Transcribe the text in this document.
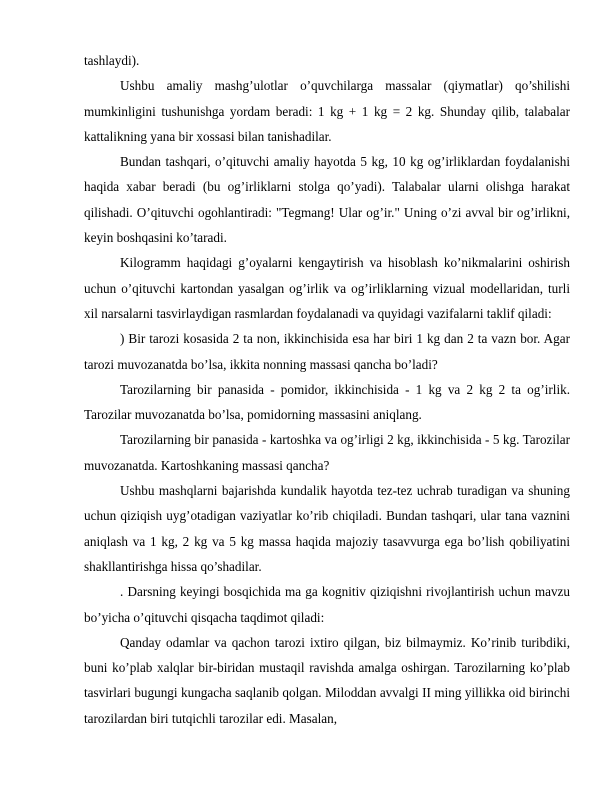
tashlaydi).

Ushbu amaliy mashg’ulotlar o’quvchilarga massalar (qiymatlar) qo’shilishi mumkinligini tushunishga yordam beradi: 1 kg + 1 kg = 2 kg. Shunday qilib, talabalar kattalikning yana bir xossasi bilan tanishadilar.

Bundan tashqari, o’qituvchi amaliy hayotda 5 kg, 10 kg og’irliklardan foydalanishi haqida xabar beradi (bu og’irliklarni stolga qo’yadi). Talabalar ularni olishga harakat qilishadi. O’qituvchi ogohlantiradi: "Tegmang! Ular og’ir." Uning o’zi avval bir og’irlikni, keyin boshqasini ko’taradi.

Kilogramm haqidagi g’oyalarni kengaytirish va hisoblash ko’nikmalarini oshirish uchun o’qituvchi kartondan yasalgan og’irlik va og’irliklarning vizual modellaridan, turli xil narsalarni tasvirlaydigan rasmlardan foydalanadi va quyidagi vazifalarni taklif qiladi:

) Bir tarozi kosasida 2 ta non, ikkinchisida esa har biri 1 kg dan 2 ta vazn bor. Agar tarozi muvozanatda bo’lsa, ikkita nonning massasi qancha bo’ladi?

Tarozilarning bir panasida - pomidor, ikkinchisida - 1 kg va 2 kg 2 ta og’irlik. Tarozilar muvozanatda bo’lsa, pomidorning massasini aniqlang.

Tarozilarning bir panasida - kartoshka va og’irligi 2 kg, ikkinchisida - 5 kg. Tarozilar muvozanatda. Kartoshkaning massasi qancha?

Ushbu mashqlarni bajarishda kundalik hayotda tez-tez uchrab turadigan va shuning uchun qiziqish uyg’otadigan vaziyatlar ko’rib chiqiladi. Bundan tashqari, ular tana vaznini aniqlash va 1 kg, 2 kg va 5 kg massa haqida majoziy tasavvurga ega bo’lish qobiliyatini shakllantirishga hissa qo’shadilar.

. Darsning keyingi bosqichida ma ga kognitiv qiziqishni rivojlantirish uchun mavzu bo’yicha o’qituvchi qisqacha taqdimot qiladi:

Qanday odamlar va qachon tarozi ixtiro qilgan, biz bilmaymiz. Ko’rinib turibdiki, buni ko’plab xalqlar bir-biridan mustaqil ravishda amalga oshirgan. Tarozilarning ko’plab tasvirlari bugungi kungacha saqlanib qolgan. Miloddan avvalgi II ming yillikka oid birinchi tarozilardan biri tutqichli tarozilar edi. Masalan,
